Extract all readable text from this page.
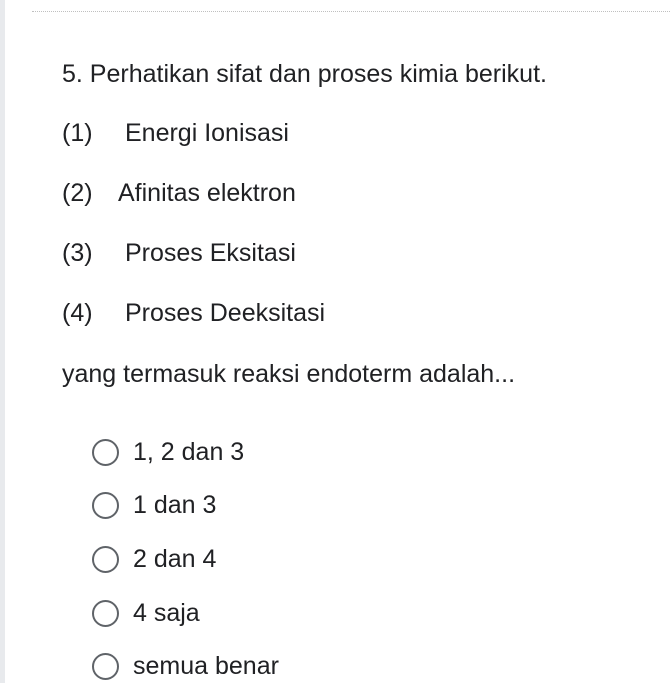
5. Perhatikan sifat dan proses kimia berikut.
(1) Energi Ionisasi
(2) Afinitas elektron
(3) Proses Eksitasi
(4) Proses Deeksitasi
yang termasuk reaksi endoterm adalah...
1, 2 dan 3
1 dan 3
2 dan 4
4 saja
semua benar
